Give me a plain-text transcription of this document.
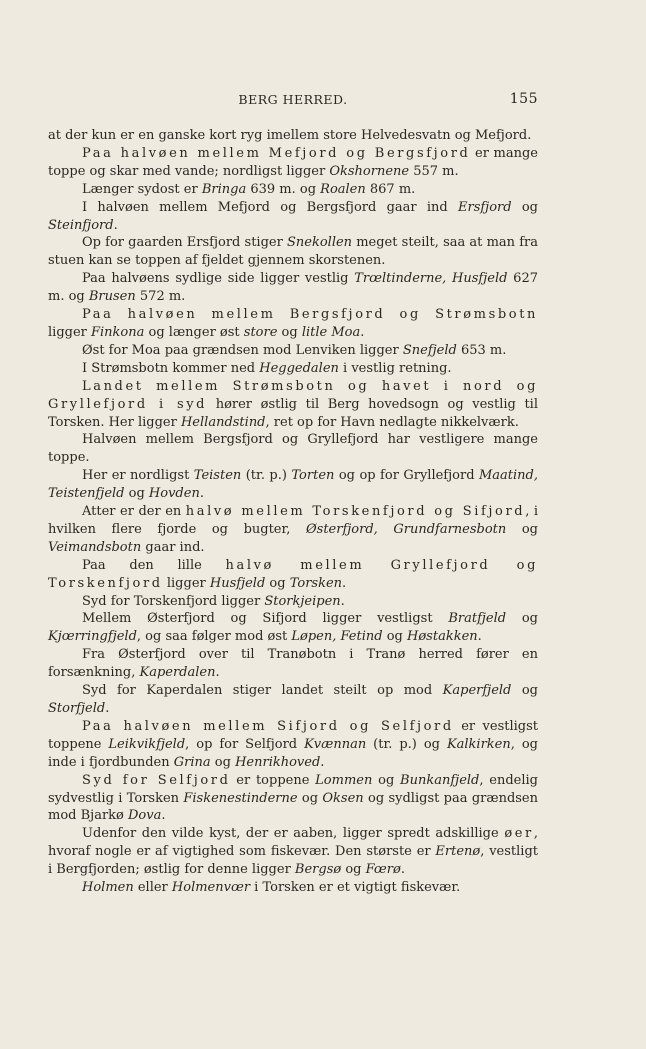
BERG HERRED.	155

at der kun er en ganske kort ryg imellem store Helvedesvatn og Mefjord.

Paa halvøen mellem Mefjord og Bergsfjord er mange toppe og skar med vande; nordligst ligger Okshornene 557 m.

Længer sydost er Bringa 639 m. og Roalen 867 m.

I halvøen mellem Mefjord og Bergsfjord gaar ind Ersfjord og Steinfjord.

Op for gaarden Ersfjord stiger Snekollen meget steilt, saa at man fra stuen kan se toppen af fjeldet gjennem skorstenen.

Paa halvøens sydlige side ligger vestlig Trœltinderne, Husfjeld 627 m. og Brusen 572 m.

Paa halvøen mellem Bergsfjord og Strømsbotn ligger Finkona og længer øst store og litle Moa.

Øst for Moa paa grændsen mod Lenviken ligger Snefjeld 653 m.

I Strømsbotn kommer ned Heggedalen i vestlig retning.

Landet mellem Strømsbotn og havet i nord og Gryllefjord i syd hører østlig til Berg hovedsogn og vestlig til Torsken. Her ligger Hellandstind, ret op for Havn nedlagte nikkelværk.

Halvøen mellem Bergsfjord og Gryllefjord har vestligere mange toppe.

Her er nordligst Teisten (tr. p.) Torten og op for Gryllefjord Maatind, Teistenfjeld og Hovden.

Atter er der en halvø mellem Torskenfjord og Sifjord, i hvilken flere fjorde og bugter, Østerfjord, Grundfarnesbotn og Veimandsbotn gaar ind.

Paa den lille halvø mellem Gryllefjord og Torskenfjord ligger Husfjeld og Torsken.

Syd for Torskenfjord ligger Storkjeipen.

Mellem Østerfjord og Sifjord ligger vestligst Bratfjeld og Kjœrringfjeld, og saa følger mod øst Løpen, Fetind og Høstakken.

Fra Østerfjord over til Tranøbotn i Tranø herred fører en forsænkning, Kaperdalen.

Syd for Kaperdalen stiger landet steilt op mod Kaperfjeld og Storfjeld.

Paa halvøen mellem Sifjord og Selfjord er vestligst toppene Leikvikfjeld, op for Selfjord Kvænnan (tr. p.) og Kalkirken, og inde i fjordbunden Grina og Henrikhoved.

Syd for Selfjord er toppene Lommen og Bunkanfjeld, endelig sydvestlig i Torsken Fiskenestinderne og Oksen og sydligst paa grændsen mod Bjarkø Dova.

Udenfor den vilde kyst, der er aaben, ligger spredt adskillige øer, hvoraf nogle er af vigtighed som fiskevær. Den største er Ertenø, vestligt i Bergfjorden; østlig for denne ligger Bergsø og Fœrø.

Holmen eller Holmenvœr i Torsken er et vigtigt fiskevær.
